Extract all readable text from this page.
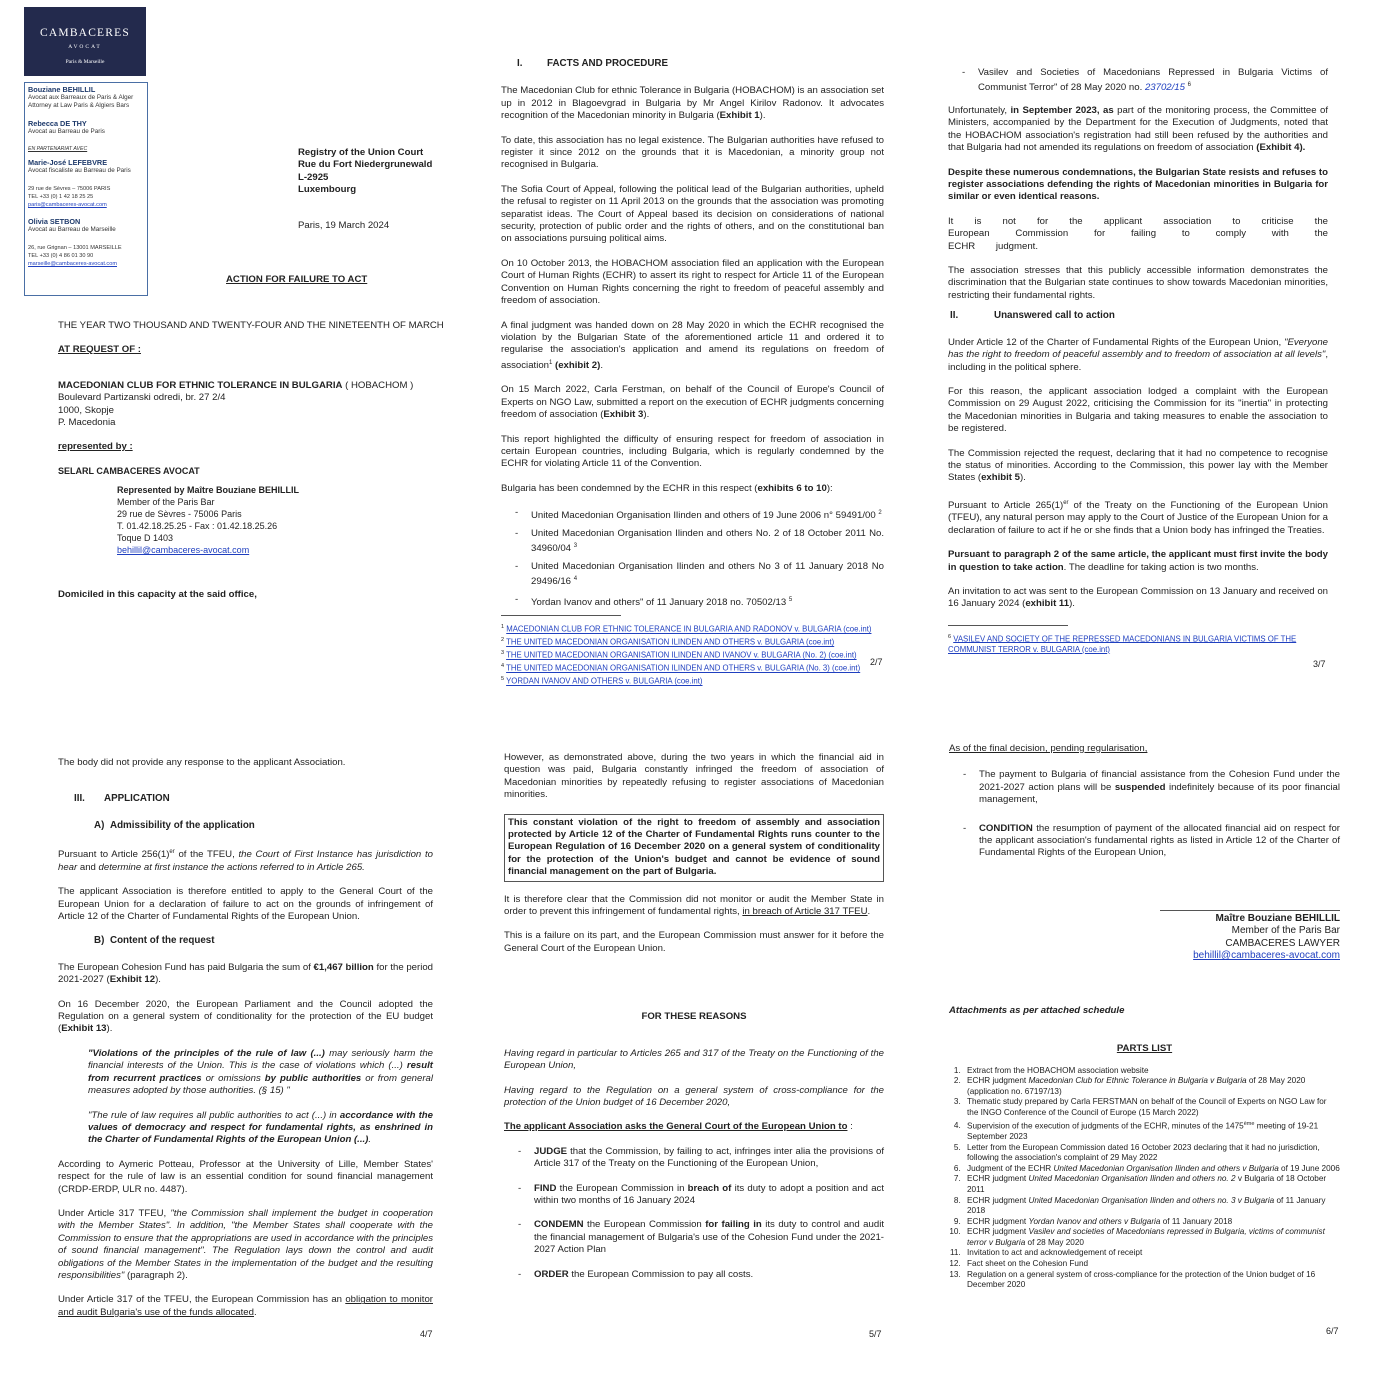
CAMBACERES
AVOCAT
Paris & Marseille
Bouziane BEHILLIL
Avocat aux Barreaux de Paris & Alger
Attorney at Law Paris & Algiers Bars
Rebecca DE THY
Avocat au Barreau de Paris
EN PARTENARIAT AVEC
Marie-José LEFEBVRE
Avocat fiscaliste au Barreau de Paris
29 rue de Sèvres – 75006 PARIS
TEL +33 (0) 1 42 18 25 25
paris@cambaceres-avocat.com
Olivia SETBON
Avocat au Barreau de Marseille
26, rue Grignan – 13001 MARSEILLE
TEL +33 (0) 4 86 01 30 90
marseille@cambaceres-avocat.com
Registry of the Union Court
Rue du Fort Niedergrunewald
L-2925
Luxembourg
Paris, 19 March 2024
ACTION FOR FAILURE TO ACT
THE YEAR TWO THOUSAND AND TWENTY-FOUR AND THE NINETEENTH OF MARCH
AT REQUEST OF :
MACEDONIAN CLUB FOR ETHNIC TOLERANCE IN BULGARIA ( HOBACHOM )
Boulevard Partizanski odredi, br. 27 2/4
1000, Skopje
P. Macedonia
represented by :
SELARL CAMBACERES AVOCAT
Represented by Maître Bouziane BEHILLIL
Member of the Paris Bar
29 rue de Sèvres - 75006 Paris
T. 01.42.18.25.25 - Fax : 01.42.18.25.26
Toque D 1403
behillil@cambaceres-avocat.com
Domiciled in this capacity at the said office,
I.	FACTS AND PROCEDURE

The Macedonian Club for ethnic Tolerance in Bulgaria (HOBACHOM) is an association set up in 2012 in Blagoevgrad in Bulgaria by Mr Angel Kirilov Radonov. It advocates recognition of the Macedonian minority in Bulgaria (Exhibit 1).

To date, this association has no legal existence. The Bulgarian authorities have refused to register it since 2012 on the grounds that it is Macedonian, a minority group not recognised in Bulgaria.

The Sofia Court of Appeal, following the political lead of the Bulgarian authorities, upheld the refusal to register on 11 April 2013 on the grounds that the association was promoting separatist ideas. The Court of Appeal based its decision on considerations of national security, protection of public order and the rights of others, and on the constitutional ban on associations pursuing political aims.

On 10 October 2013, the HOBACHOM association filed an application with the European Court of Human Rights (ECHR) to assert its right to respect for Article 11 of the European Convention on Human Rights concerning the right to freedom of peaceful assembly and freedom of association.

A final judgment was handed down on 28 May 2020 in which the ECHR recognised the violation by the Bulgarian State of the aforementioned article 11 and ordered it to regularise the association's application and amend its regulations on freedom of association$^1$ (exhibit 2).

On 15 March 2022, Carla Ferstman, on behalf of the Council of Europe's Council of Experts on NGO Law, submitted a report on the execution of ECHR judgments concerning freedom of association (Exhibit 3).

This report highlighted the difficulty of ensuring respect for freedom of association in certain European countries, including Bulgaria, which is regularly condemned by the ECHR for violating Article 11 of the Convention.

Bulgaria has been condemned by the ECHR in this respect (exhibits 6 to 10):

- United Macedonian Organisation Ilinden and others of 19 June 2006 n° 59491/00 $^2$
- United Macedonian Organisation Ilinden and others No. 2 of 18 October 2011 No. 34960/04 $^3$
- United Macedonian Organisation Ilinden and others No 3 of 11 January 2018 No 29496/16 $^4$
- Yordan Ivanov and others" of 11 January 2018 no. 70502/13 $^5$
$^1$ MACEDONIAN CLUB FOR ETHNIC TOLERANCE IN BULGARIA AND RADONOV v. BULGARIA (coe.int)
$^2$ THE UNITED MACEDONIAN ORGANISATION ILINDEN AND OTHERS v. BULGARIA (coe.int)
$^3$ THE UNITED MACEDONIAN ORGANISATION ILINDEN AND IVANOV v. BULGARIA (No. 2) (coe.int)
$^4$ THE UNITED MACEDONIAN ORGANISATION ILINDEN AND OTHERS v. BULGARIA (No. 3) (coe.int)
$^5$ YORDAN IVANOV AND OTHERS v. BULGARIA (coe.int)
2/7
- Vasilev and Societies of Macedonians Repressed in Bulgaria Victims of Communist Terror" of 28 May 2020 no. 23702/15 $^6$

Unfortunately, in September 2023, as part of the monitoring process, the Committee of Ministers, accompanied by the Department for the Execution of Judgments, noted that the HOBACHOM association's registration had still been refused by the authorities and that Bulgaria had not amended its regulations on freedom of association (Exhibit 4).

Despite these numerous condemnations, the Bulgarian State resists and refuses to register associations defending the rights of Macedonian minorities in Bulgaria for similar or even identical reasons.

It is not for the applicant association to criticise the European Commission for failing to comply with the ECHR judgment.

The association stresses that this publicly accessible information demonstrates the discrimination that the Bulgarian state continues to show towards Macedonian minorities, restricting their fundamental rights.

II.	Unanswered call to action

Under Article 12 of the Charter of Fundamental Rights of the European Union, "Everyone has the right to freedom of peaceful assembly and to freedom of association at all levels", including in the political sphere.

For this reason, the applicant association lodged a complaint with the European Commission on 29 August 2022, criticising the Commission for its "inertia" in protecting the Macedonian minorities in Bulgaria and taking measures to enable the association to be registered.

The Commission rejected the request, declaring that it had no competence to recognise the status of minorities. According to the Commission, this power lay with the Member States (exhibit 5).

Pursuant to Article $265(1)^{er}$ of the Treaty on the Functioning of the European Union (TFEU), any natural person may apply to the Court of Justice of the European Union for a declaration of failure to act if he or she finds that a Union body has infringed the Treaties.

Pursuant to paragraph 2 of the same article, the applicant must first invite the body in question to take action. The deadline for taking action is two months.

An invitation to act was sent to the European Commission on 13 January and received on 16 January 2024 (exhibit 11).

$^6$ VASILEV AND SOCIETY OF THE REPRESSED MACEDONIANS IN BULGARIA VICTIMS OF THE COMMUNIST TERROR v. BULGARIA (coe.int)
3/7

The body did not provide any response to the applicant Association.

III. APPLICATION
A) Admissibility of the application

Pursuant to Article $256(1)^{er}$ of the TFEU, the Court of First Instance has jurisdiction to hear and determine at first instance the actions referred to in Article 265.

The applicant Association is therefore entitled to apply to the General Court of the European Union for a declaration of failure to act on the grounds of infringement of Article 12 of the Charter of Fundamental Rights of the European Union.

B) Content of the request

The European Cohesion Fund has paid Bulgaria the sum of €1,467 billion for the period 2021-2027 (Exhibit 12).

On 16 December 2020, the European Parliament and the Council adopted the Regulation on a general system of conditionality for the protection of the EU budget (Exhibit 13).

"Violations of the principles of the rule of law (...) may seriously harm the financial interests of the Union. This is the case of violations which (...) result from recurrent practices or omissions by public authorities or from general measures adopted by those authorities. (§ 15) "

"The rule of law requires all public authorities to act (...) in accordance with the values of democracy and respect for fundamental rights, as enshrined in the Charter of Fundamental Rights of the European Union (...).

According to Aymeric Potteau, Professor at the University of Lille, Member States' respect for the rule of law is an essential condition for sound financial management (CRDP-ERDP, ULR no. 4487).

Under Article 317 TFEU, "the Commission shall implement the budget in cooperation with the Member States". In addition, "the Member States shall cooperate with the Commission to ensure that the appropriations are used in accordance with the principles of sound financial management". The Regulation lays down the control and audit obligations of the Member States in the implementation of the budget and the resulting responsibilities" (paragraph 2).

Under Article 317 of the TFEU, the European Commission has an obligation to monitor and audit Bulgaria's use of the funds allocated.

4/7

However, as demonstrated above, during the two years in which the financial aid in question was paid, Bulgaria constantly infringed the freedom of association of Macedonian minorities by repeatedly refusing to register associations of Macedonian minorities.

This constant violation of the right to freedom of assembly and association protected by Article 12 of the Charter of Fundamental Rights runs counter to the European Regulation of 16 December 2020 on a general system of conditionality for the protection of the Union's budget and cannot be evidence of sound financial management on the part of Bulgaria.

It is therefore clear that the Commission did not monitor or audit the Member State in order to prevent this infringement of fundamental rights, in breach of Article 317 TFEU.

This is a failure on its part, and the European Commission must answer for it before the General Court of the European Union.

FOR THESE REASONS

Having regard in particular to Articles 265 and 317 of the Treaty on the Functioning of the European Union,

Having regard to the Regulation on a general system of cross-compliance for the protection of the Union budget of 16 December 2020,

The applicant Association asks the General Court of the European Union to :

- JUDGE that the Commission, by failing to act, infringes inter alia the provisions of Article 317 of the Treaty on the Functioning of the European Union,
- FIND the European Commission in breach of its duty to adopt a position and act within two months of 16 January 2024
- CONDEMN the European Commission for failing in its duty to control and audit the financial management of Bulgaria's use of the Cohesion Fund under the 2021-2027 Action Plan
- ORDER the European Commission to pay all costs.
5/7
As of the final decision, pending regularisation,
- The payment to Bulgaria of financial assistance from the Cohesion Fund under the 2021-2027 action plans will be suspended indefinitely because of its poor financial management,
- CONDITION the resumption of payment of the allocated financial aid on respect for the applicant association's fundamental rights as listed in Article 12 of the Charter of Fundamental Rights of the European Union,
Maître Bouziane BEHILLIL
Member of the Paris Bar
CAMBACERES LAWYER
behillil@cambaceres-avocat.com
Attachments as per attached schedule
PARTS LIST
1. Extract from the HOBACHOM association website
2. ECHR judgment Macedonian Club for Ethnic Tolerance in Bulgaria v Bulgaria of 28 May 2020 (application no. 67197/13)
3. Thematic study prepared by Carla FERSTMAN on behalf of the Council of Experts on NGO Law for the INGO Conference of the Council of Europe (15 March 2022)
4. Supervision of the execution of judgments of the ECHR, minutes of the 1475ème meeting of 19-21 September 2023
5. Letter from the European Commission dated 16 October 2023 declaring that it had no jurisdiction, following the association's complaint of 29 May 2022
6. Judgment of the ECHR United Macedonian Organisation Ilinden and others v Bulgaria of 19 June 2006
7. ECHR judgment United Macedonian Organisation Ilinden and others no. 2 v Bulgaria of 18 October 2011
8. ECHR judgment United Macedonian Organisation Ilinden and others no. 3 v Bulgaria of 11 January 2018
9. ECHR judgment Yordan Ivanov and others v Bulgaria of 11 January 2018
10. ECHR judgment Vasilev and societies of Macedonians repressed in Bulgaria, victims of communist terror v Bulgaria of 28 May 2020
11. Invitation to act and acknowledgement of receipt
12. Fact sheet on the Cohesion Fund
13. Regulation on a general system of cross-compliance for the protection of the Union budget of 16 December 2020
6/7
